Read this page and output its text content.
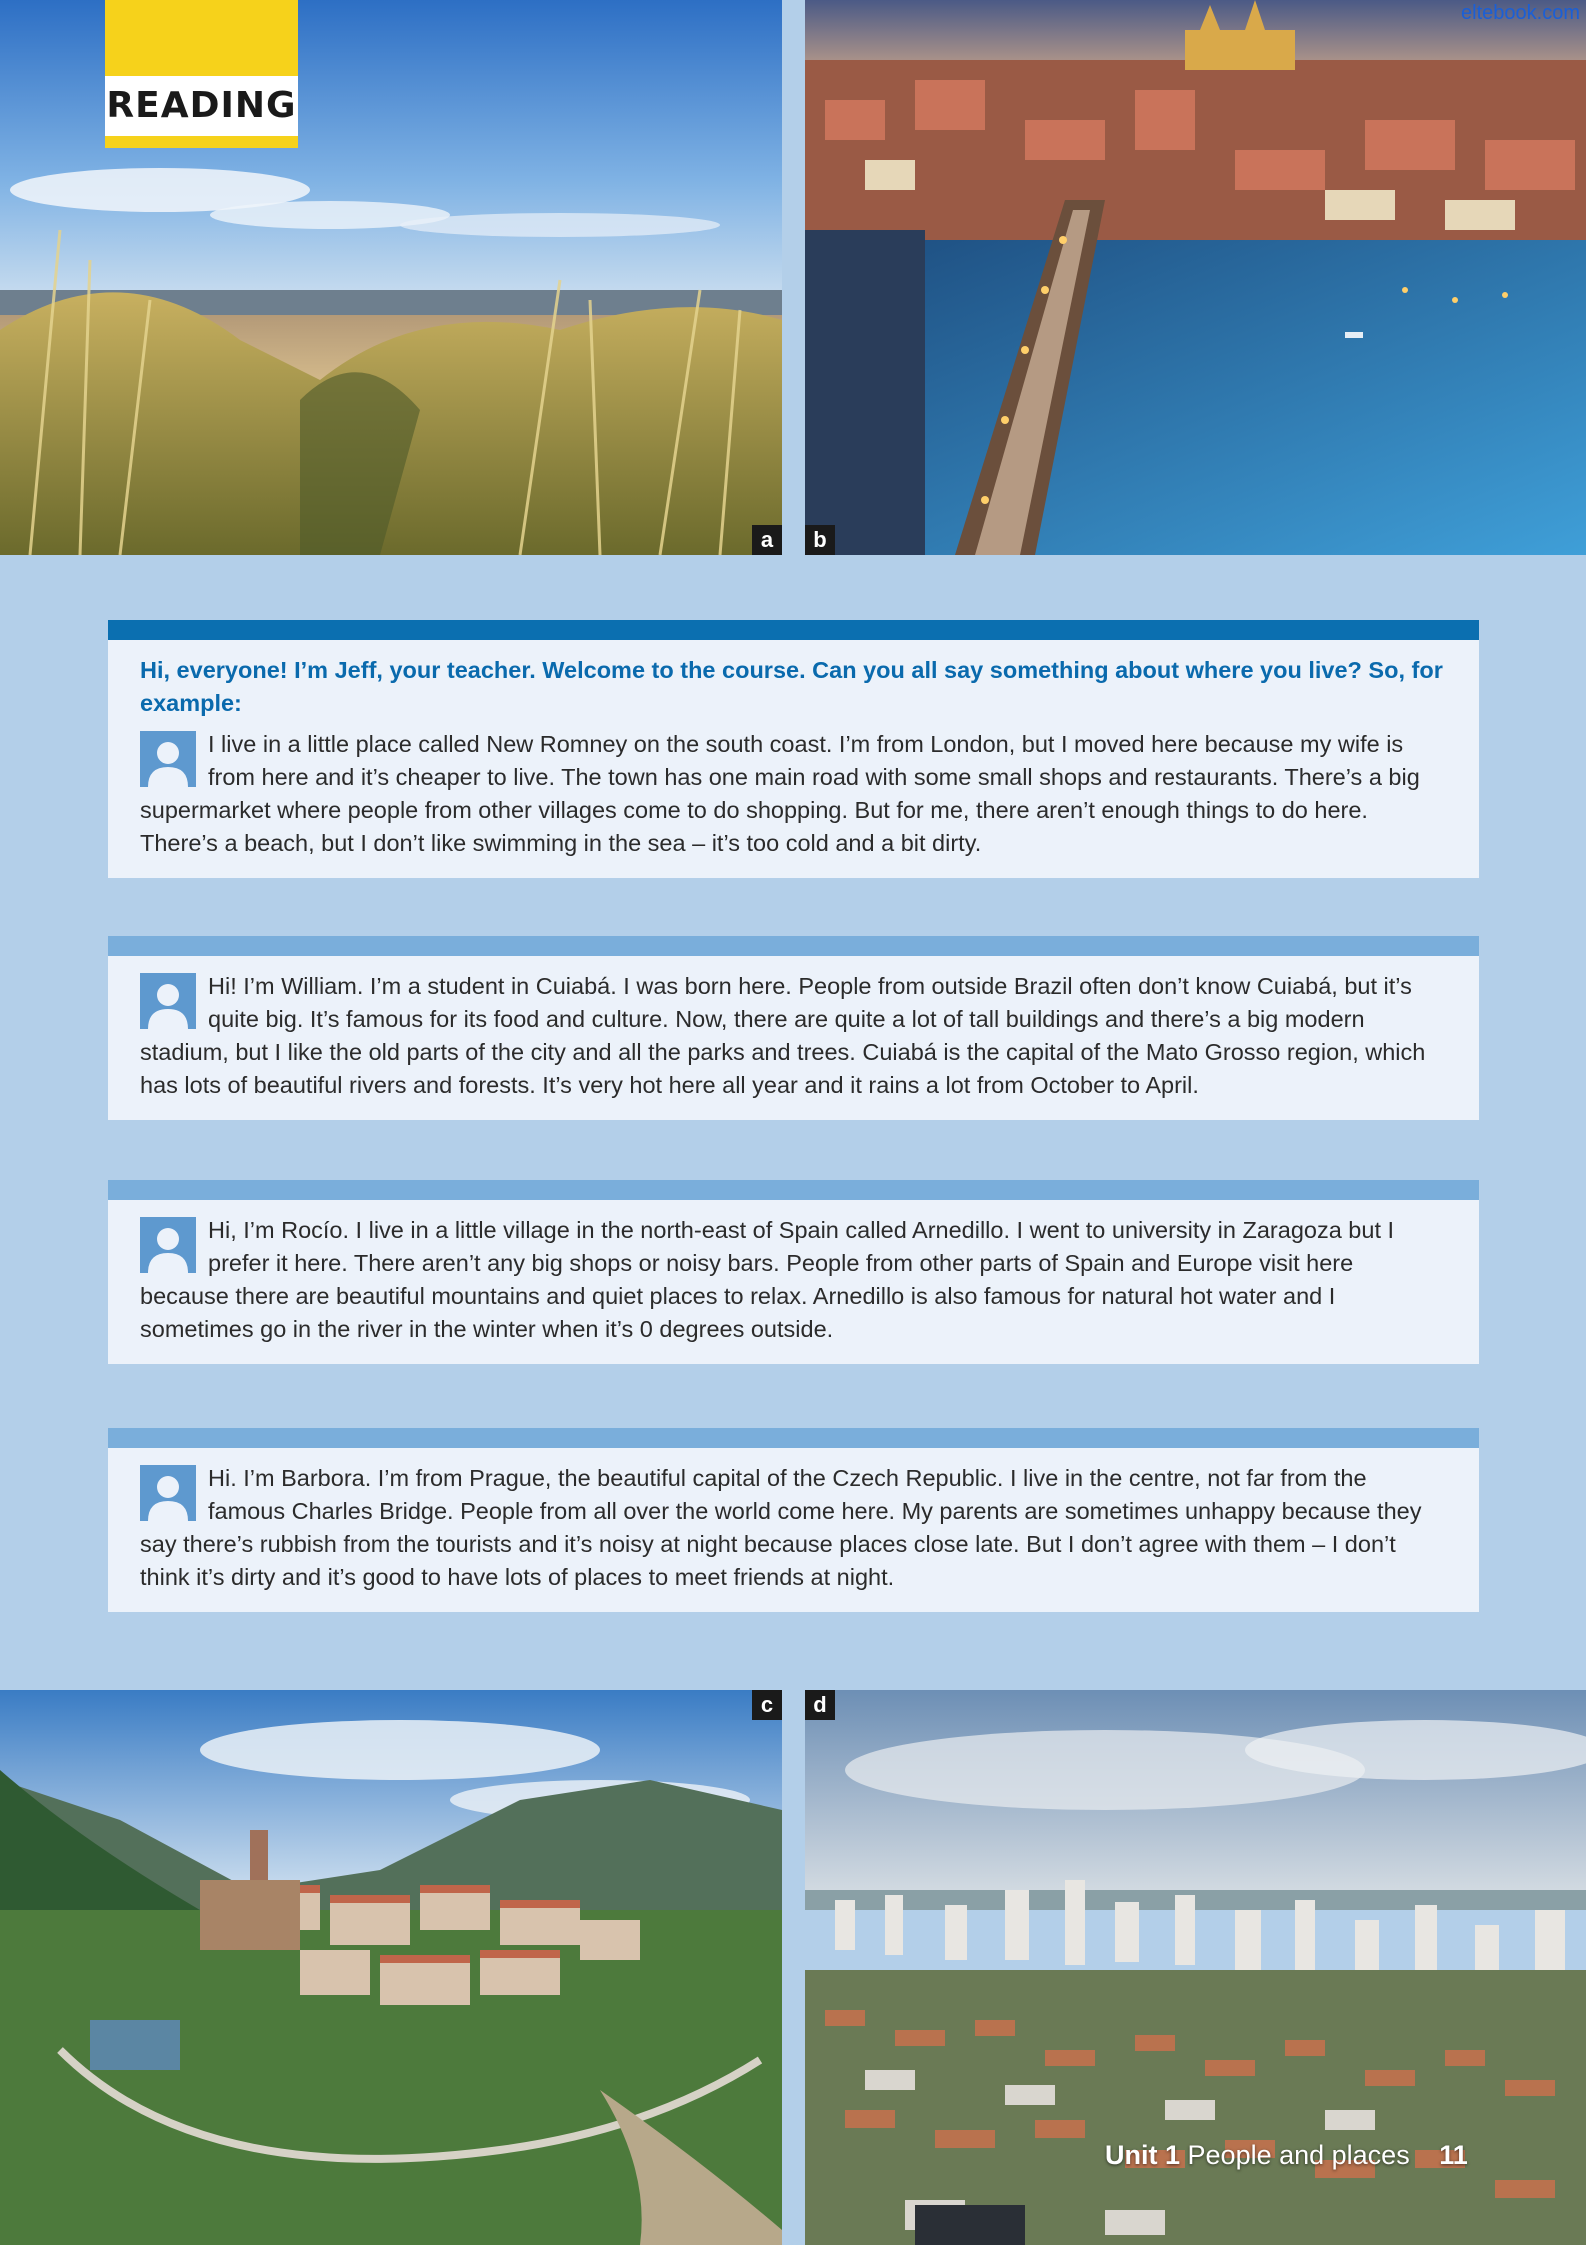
a	b
c	d
READING
eltebook.com
Hi, everyone! I’m Jeff, your teacher. Welcome to the course. Can you all say something about where you live? So, for example:
I live in a little place called New Romney on the south coast. I’m from London, but I moved here because my wife is from here and it’s cheaper to live. The town has one main road with some small shops and restaurants. There’s a big supermarket where people from other villages come to do shopping. But for me, there aren’t enough things to do here. There’s a beach, but I don’t like swimming in the sea – it’s too cold and a bit dirty.
Hi! I’m William. I’m a student in Cuiabá. I was born here. People from outside Brazil often don’t know Cuiabá, but it’s quite big. It’s famous for its food and culture. Now, there are quite a lot of tall buildings and there’s a big modern stadium, but I like the old parts of the city and all the parks and trees. Cuiabá is the capital of the Mato Grosso region, which has lots of beautiful rivers and forests. It’s very hot here all year and it rains a lot from October to April.
Hi, I’m Rocío. I live in a little village in the north-east of Spain called Arnedillo. I went to university in Zaragoza but I prefer it here. There aren’t any big shops or noisy bars. People from other parts of Spain and Europe visit here because there are beautiful mountains and quiet places to relax. Arnedillo is also famous for natural hot water and I sometimes go in the river in the winter when it’s 0 degrees outside.
Hi. I’m Barbora. I’m from Prague, the beautiful capital of the Czech Republic. I live in the centre, not far from the famous Charles Bridge. People from all over the world come here. My parents are sometimes unhappy because they say there’s rubbish from the tourists and it’s noisy at night because places close late. But I don’t agree with them – I don’t think it’s dirty and it’s good to have lots of places to meet friends at night.
Unit 1 People and places 11
